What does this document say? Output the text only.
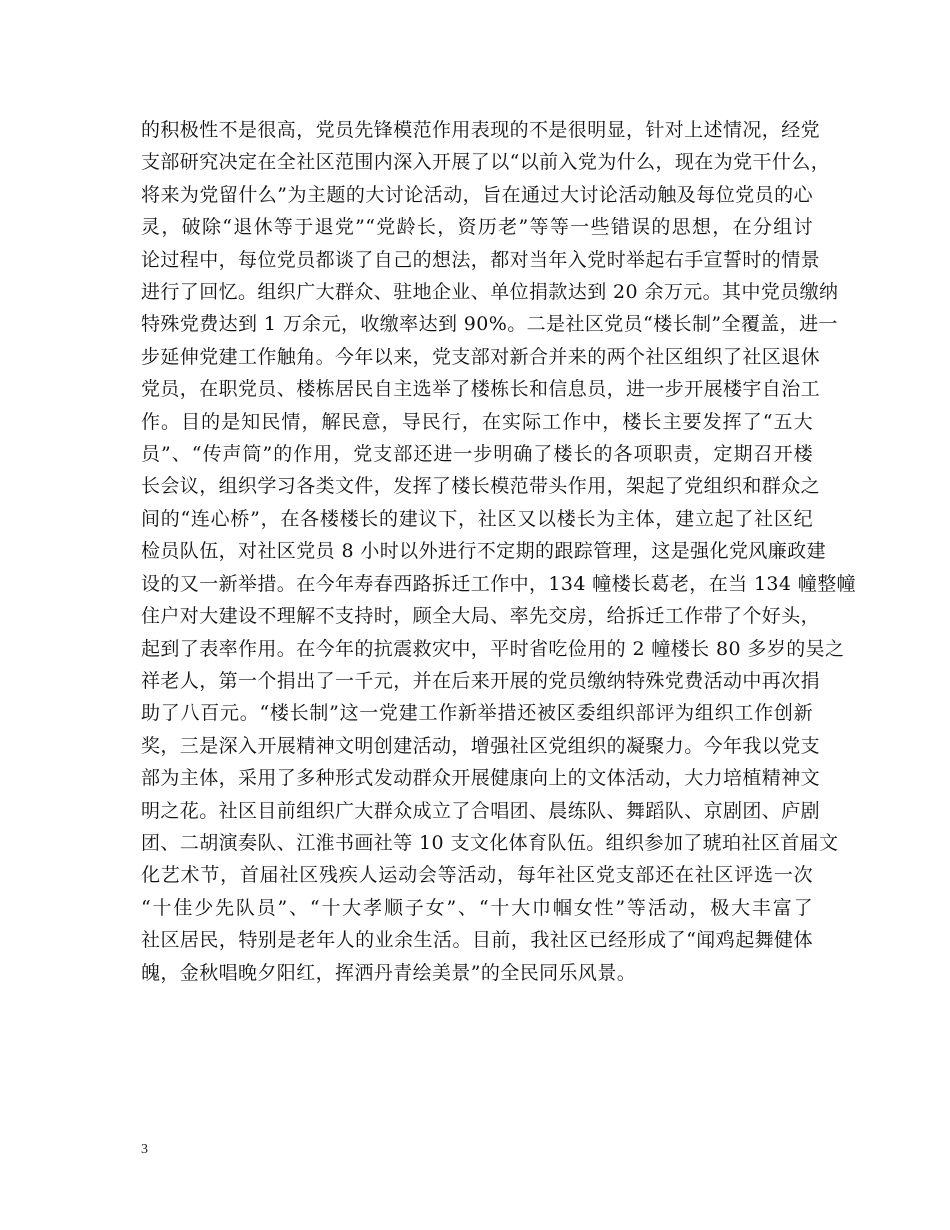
的积极性不是很高，党员先锋模范作用表现的不是很明显，针对上述情况，经党
支部研究决定在全社区范围内深入开展了以“以前入党为什么，现在为党干什么，
将来为党留什么”为主题的大讨论活动，旨在通过大讨论活动触及每位党员的心
灵，破除“退休等于退党”“党龄长，资历老”等等一些错误的思想，在分组讨
论过程中，每位党员都谈了自己的想法，都对当年入党时举起右手宣誓时的情景
进行了回忆。组织广大群众、驻地企业、单位捐款达到 20 余万元。其中党员缴纳
特殊党费达到 1 万余元，收缴率达到 90%。二是社区党员“楼长制”全覆盖，进一
步延伸党建工作触角。今年以来，党支部对新合并来的两个社区组织了社区退休
党员，在职党员、楼栋居民自主选举了楼栋长和信息员，进一步开展楼宇自治工
作。目的是知民情，解民意，导民行，在实际工作中，楼长主要发挥了“五大
员”、“传声筒”的作用，党支部还进一步明确了楼长的各项职责，定期召开楼
长会议，组织学习各类文件，发挥了楼长模范带头作用，架起了党组织和群众之
间的“连心桥”，在各楼楼长的建议下，社区又以楼长为主体，建立起了社区纪
检员队伍，对社区党员 8 小时以外进行不定期的跟踪管理，这是强化党风廉政建
设的又一新举措。在今年寿春西路拆迁工作中，134 幢楼长葛老，在当 134 幢整幢
住户对大建设不理解不支持时，顾全大局、率先交房，给拆迁工作带了个好头，
起到了表率作用。在今年的抗震救灾中，平时省吃俭用的 2 幢楼长 80 多岁的吴之
祥老人，第一个捐出了一千元，并在后来开展的党员缴纳特殊党费活动中再次捐
助了八百元。“楼长制”这一党建工作新举措还被区委组织部评为组织工作创新
奖，三是深入开展精神文明创建活动，增强社区党组织的凝聚力。今年我以党支
部为主体，采用了多种形式发动群众开展健康向上的文体活动，大力培植精神文
明之花。社区目前组织广大群众成立了合唱团、晨练队、舞蹈队、京剧团、庐剧
团、二胡演奏队、江淮书画社等 10 支文化体育队伍。组织参加了琥珀社区首届文
化艺术节，首届社区残疾人运动会等活动，每年社区党支部还在社区评选一次
“十佳少先队员”、“十大孝顺子女”、“十大巾帼女性”等活动，极大丰富了
社区居民，特别是老年人的业余生活。目前，我社区已经形成了“闻鸡起舞健体
魄，金秋唱晚夕阳红，挥洒丹青绘美景”的全民同乐风景。

3
